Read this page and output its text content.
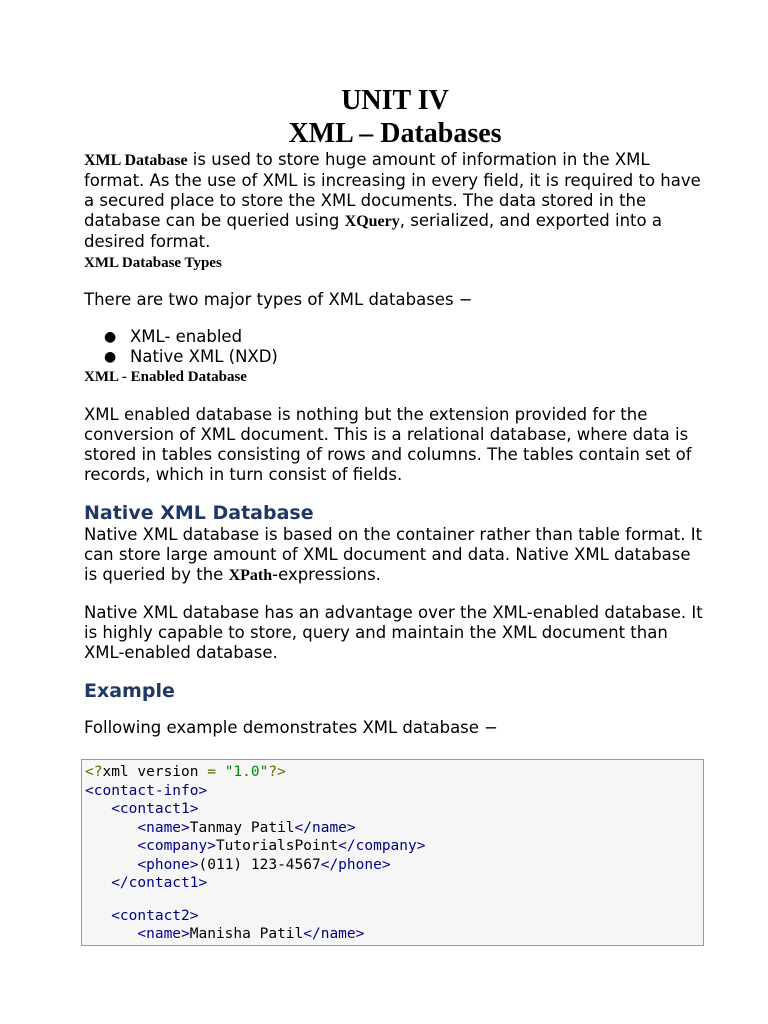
UNIT IV
XML – Databases

XML Database is used to store huge amount of information in the XML format. As the use of XML is increasing in every field, it is required to have a secured place to store the XML documents. The data stored in the database can be queried using XQuery, serialized, and exported into a desired format.

XML Database Types

There are two major types of XML databases −

● XML- enabled
● Native XML (NXD)

XML - Enabled Database

XML enabled database is nothing but the extension provided for the conversion of XML document. This is a relational database, where data is stored in tables consisting of rows and columns. The tables contain set of records, which in turn consist of fields.

Native XML Database

Native XML database is based on the container rather than table format. It can store large amount of XML document and data. Native XML database is queried by the XPath-expressions.

Native XML database has an advantage over the XML-enabled database. It is highly capable to store, query and maintain the XML document than XML-enabled database.

Example

Following example demonstrates XML database −

<?xml version = "1.0"?>
<contact-info>
<contact1>
<name>Tanmay Patil</name>
<company>TutorialsPoint</company>
<phone>(011) 123-4567</phone>
</contact1>
<contact2>
<name>Manisha Patil</name>
